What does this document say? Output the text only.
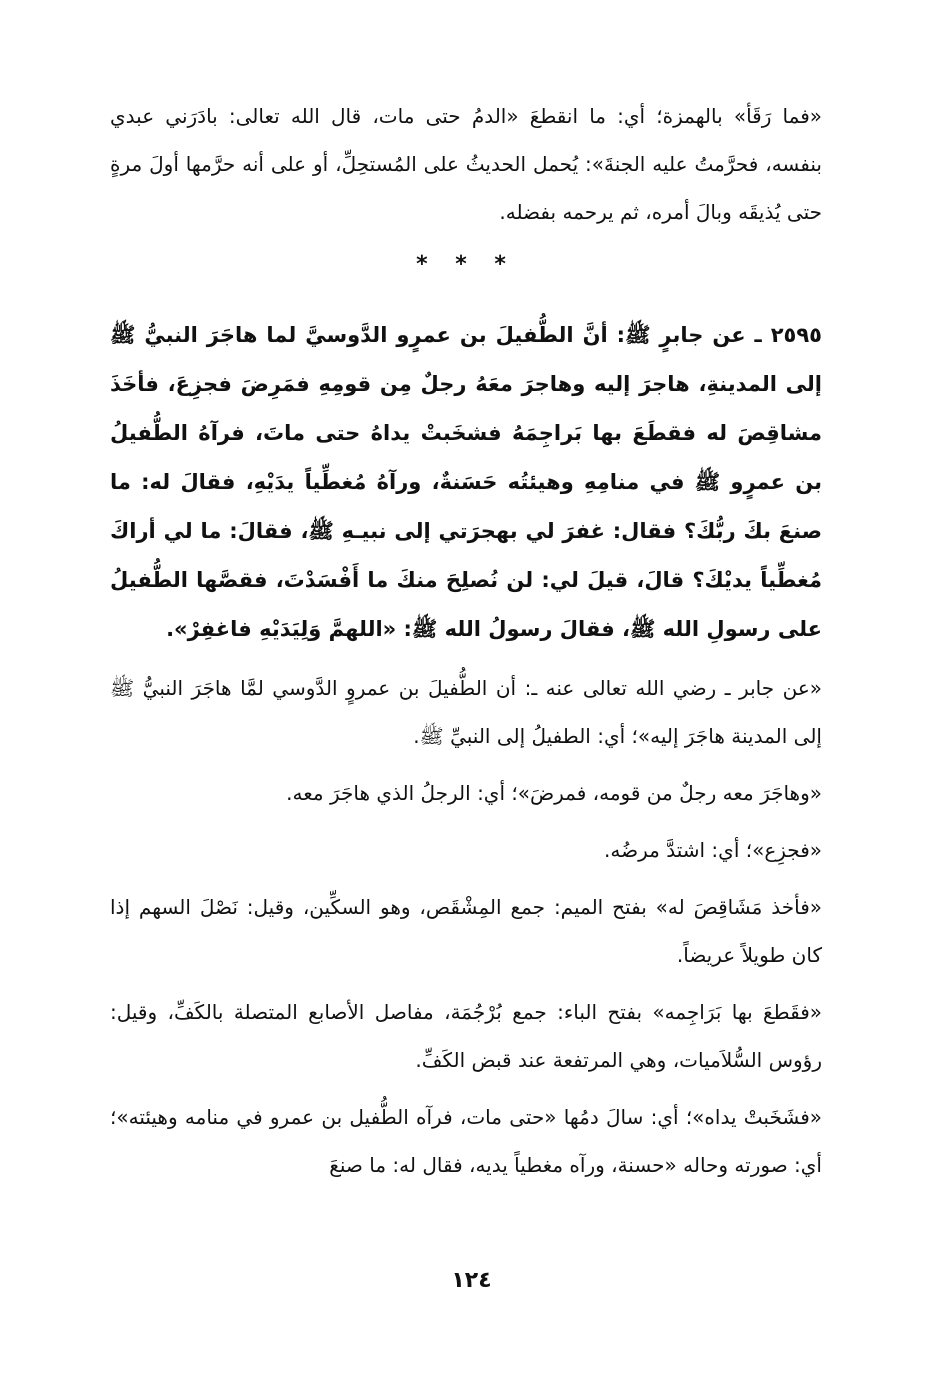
«فما رَقَأ» بالهمزة؛ أي: ما انقطعَ «الدمُ حتى مات، قال الله تعالى: بادَرَني عبدي بنفسه، فحرَّمتُ عليه الجنةَ»: يُحمل الحديثُ على المُستحِلِّ، أو على أنه حرَّمها أولَ مرةٍ حتى يُذيقَه وبالَ أمره، ثم يرحمه بفضله.

* * *

٢٥٩٥ ـ عن جابرٍ ﷺ: أنَّ الطُّفيلَ بن عمرٍو الدَّوسيَّ لما هاجَرَ النبيُّ ﷺ إلى المدينةِ، هاجرَ إليه وهاجرَ معَهُ رجلٌ مِن قومِهِ فمَرِضَ فجزِعَ، فأخَذَ مشاقِصَ له فقطَعَ بها بَراجِمَهُ فشخَبتْ يداهُ حتى ماتَ، فرآهُ الطُّفيلُ بن عمرٍو ﷺ في منامِهِ وهيئتُه حَسَنةٌ، ورآهُ مُغطِّياً يدَيْهِ، فقالَ له: ما صنعَ بكَ ربُّكَ؟ فقال: غفرَ لي بهجرَتي إلى نبيـهِ ﷺ، فقالَ: ما لي أراكَ مُغطِّياً يديْكَ؟ قالَ، قيلَ لي: لن نُصلِحَ منكَ ما أَفْسَدْتَ، فقصَّها الطُّفيلُ على رسولِ الله ﷺ، فقالَ رسولُ الله ﷺ: «اللهمَّ وَلِيَدَيْهِ فاغفِرْ».

«عن جابر ـ رضي الله تعالى عنه ـ: أن الطُّفيلَ بن عمروٍ الدَّوسي لمَّا هاجَرَ النبيُّ ﷺ إلى المدينة هاجَرَ إليه»؛ أي: الطفيلُ إلى النبيِّ ﷺ.

«وهاجَرَ معه رجلٌ من قومه، فمرضَ»؛ أي: الرجلُ الذي هاجَرَ معه.

«فجزِع»؛ أي: اشتدَّ مرضُه.

«فأخذ مَشَاقِصَ له» بفتح الميم: جمع المِشْقَص، وهو السكِّين، وقيل: نَصْلَ السهم إذا كان طويلاً عريضاً.

«فقَطعَ بها بَرَاجِمه» بفتح الباء: جمع بُرْجُمَة، مفاصل الأصابع المتصلة بالكَفِّ، وقيل: رؤوس السُّلاَميات، وهي المرتفعة عند قبض الكَفِّ.

«فشَخَبتْ يداه»؛ أي: سالَ دمُها «حتى مات، فرآه الطُّفيل بن عمرو في منامه وهيئته»؛ أي: صورته وحاله «حسنة، ورآه مغطياً يديه، فقال له: ما صنعَ

١٢٤
